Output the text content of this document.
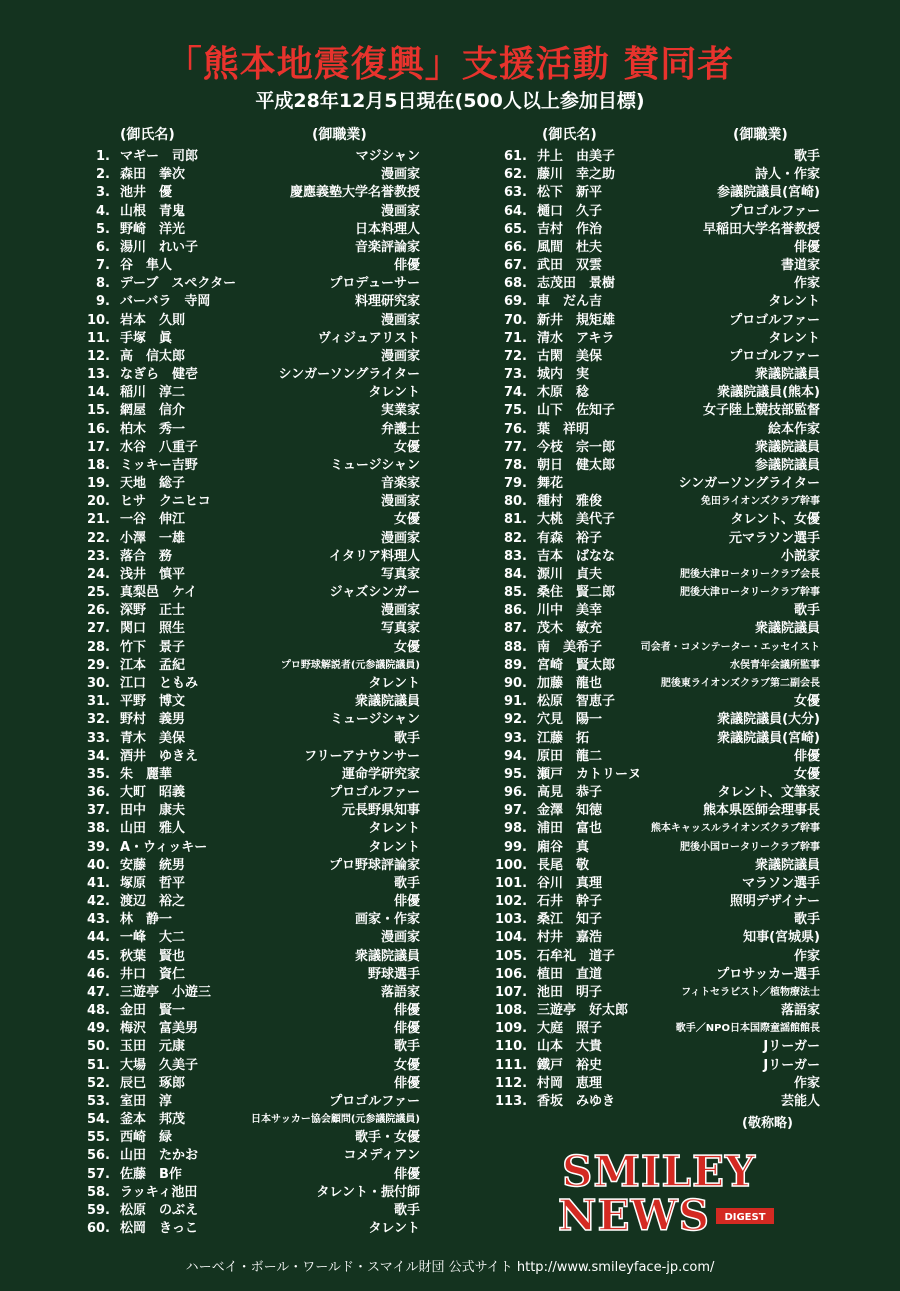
「熊本地震復興」支援活動 賛同者
平成28年12月5日現在(500人以上参加目標)
(御氏名)	(御職業)
1. マギー　司郎	マジシャン
2. 森田　拳次	漫画家
3. 池井　優	慶應義塾大学名誉教授
4. 山根　青鬼	漫画家
5. 野崎　洋光	日本料理人
6. 湯川　れい子	音楽評論家
7. 谷　隼人	俳優
8. デーブ　スペクター	プロデューサー
9. バーバラ　寺岡	料理研究家
10. 岩本　久則	漫画家
11. 手塚　眞	ヴィジュアリスト
12. 高　信太郎	漫画家
13. なぎら　健壱	シンガーソングライター
14. 稲川　淳二	タレント
15. 網屋　信介	実業家
16. 柏木　秀一	弁護士
17. 水谷　八重子	女優
18. ミッキー吉野	ミュージシャン
19. 天地　総子	音楽家
20. ヒサ　クニヒコ	漫画家
21. 一谷　伸江	女優
22. 小澤　一雄	漫画家
23. 落合　務	イタリア料理人
24. 浅井　慎平	写真家
25. 真梨邑　ケイ	ジャズシンガー
26. 深野　正士	漫画家
27. 関口　照生	写真家
28. 竹下　景子	女優
29. 江本　孟紀	プロ野球解説者(元参議院議員)
30. 江口　ともみ	タレント
31. 平野　博文	衆議院議員
32. 野村　義男	ミュージシャン
33. 青木　美保	歌手
34. 酒井　ゆきえ	フリーアナウンサー
35. 朱　麗華	運命学研究家
36. 大町　昭義	プロゴルファー
37. 田中　康夫	元長野県知事
38. 山田　雅人	タレント
39. A・ウィッキー	タレント
40. 安藤　統男	プロ野球評論家
41. 塚原　哲平	歌手
42. 渡辺　裕之	俳優
43. 林　静一	画家・作家
44. 一峰　大二	漫画家
45. 秋葉　賢也	衆議院議員
46. 井口　資仁	野球選手
47. 三遊亭　小遊三	落語家
48. 金田　賢一	俳優
49. 梅沢　富美男	俳優
50. 玉田　元康	歌手
51. 大場　久美子	女優
52. 辰巳　琢郎	俳優
53. 室田　淳	プロゴルファー
54. 釜本　邦茂	日本サッカー協会顧問(元参議院議員)
55. 西崎　緑	歌手・女優
56. 山田　たかお	コメディアン
57. 佐藤　B作	俳優
58. ラッキィ池田	タレント・振付師
59. 松原　のぶえ	歌手
60. 松岡　きっこ	タレント
(御氏名)	(御職業)
61. 井上　由美子	歌手
62. 藤川　幸之助	詩人・作家
63. 松下　新平	参議院議員(宮崎)
64. 樋口　久子	プロゴルファー
65. 吉村　作治	早稲田大学名誉教授
66. 風間　杜夫	俳優
67. 武田　双雲	書道家
68. 志茂田　景樹	作家
69. 車　だん吉	タレント
70. 新井　規矩雄	プロゴルファー
71. 清水　アキラ	タレント
72. 古閑　美保	プロゴルファー
73. 城内　実	衆議院議員
74. 木原　稔	衆議院議員(熊本)
75. 山下　佐知子	女子陸上競技部監督
76. 葉　祥明	絵本作家
77. 今枝　宗一郎	衆議院議員
78. 朝日　健太郎	参議院議員
79. 舞花	シンガーソングライター
80. 種村　雅俊	免田ライオンズクラブ幹事
81. 大桃　美代子	タレント、女優
82. 有森　裕子	元マラソン選手
83. 吉本　ばなな	小説家
84. 源川　貞夫	肥後大津ロータリークラブ会長
85. 桑住　賢二郎	肥後大津ロータリークラブ幹事
86. 川中　美幸	歌手
87. 茂木　敏充	衆議院議員
88. 南　美希子	司会者・コメンテーター・エッセイスト
89. 宮崎　賢太郎	水俣青年会議所監事
90. 加藤　龍也	肥後東ライオンズクラブ第二副会長
91. 松原　智恵子	女優
92. 穴見　陽一	衆議院議員(大分)
93. 江藤　拓	衆議院議員(宮崎)
94. 原田　龍二	俳優
95. 瀬戸　カトリーヌ	女優
96. 高見　恭子	タレント、文筆家
97. 金澤　知徳	熊本県医師会理事長
98. 浦田　富也	熊本キャッスルライオンズクラブ幹事
99. 廂谷　真	肥後小国ロータリークラブ幹事
100. 長尾　敬	衆議院議員
101. 谷川　真理	マラソン選手
102. 石井　幹子	照明デザイナー
103. 桑江　知子	歌手
104. 村井　嘉浩	知事(宮城県)
105. 石牟礼　道子	作家
106. 植田　直道	プロサッカー選手
107. 池田　明子	フィトセラピスト／植物療法士
108. 三遊亭　好太郎	落語家
109. 大庭　照子	歌手／NPO日本国際童謡館館長
110. 山本　大貴	Jリーガー
111. 鐵戸　裕史	Jリーガー
112. 村岡　恵理	作家
113. 香坂　みゆき	芸能人
(敬称略)
SMILEY
NEWS DIGEST
ハーベイ・ボール・ワールド・スマイル財団 公式サイト http://www.smileyface-jp.com/
